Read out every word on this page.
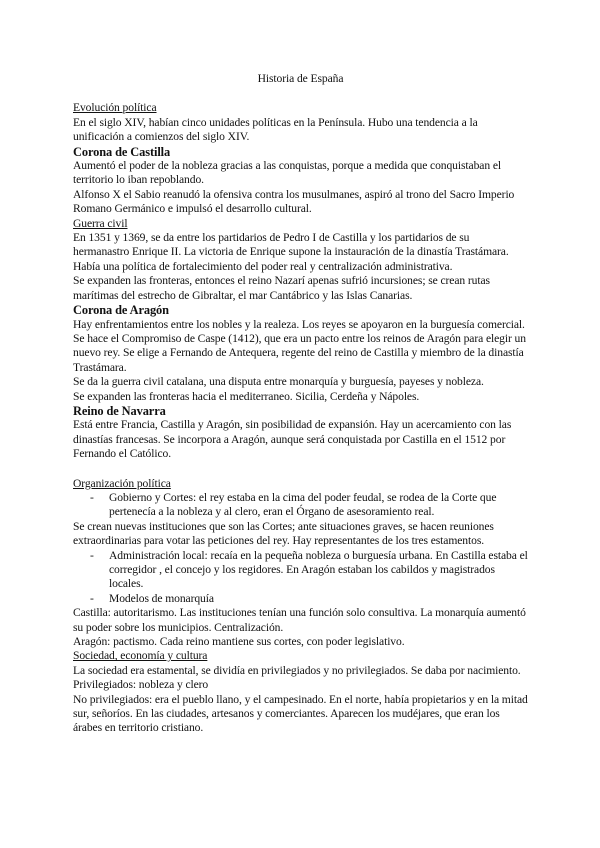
Historia de España

Evolución política

En el siglo XIV, habían cinco unidades políticas en la Península. Hubo una tendencia a la unificación a comienzos del siglo XIV.

Corona de Castilla

Aumentó el poder de la nobleza gracias a las conquistas, porque a medida que conquistaban el territorio lo iban repoblando.

Alfonso X el Sabio reanudó la ofensiva contra los musulmanes, aspiró al trono del Sacro Imperio Romano Germánico e impulsó el desarrollo cultural.

Guerra civil

En 1351 y 1369, se da entre los partidarios de Pedro I de Castilla y los partidarios de su hermanastro Enrique II. La victoria de Enrique supone la instauración de la dinastía Trastámara. Había una política de fortalecimiento del poder real y centralización administrativa.

Se expanden las fronteras, entonces el reino Nazarí apenas sufrió incursiones; se crean rutas marítimas del estrecho de Gibraltar, el mar Cantábrico y las Islas Canarias.

Corona de Aragón

Hay enfrentamientos entre los nobles y la realeza. Los reyes se apoyaron en la burguesía comercial. Se hace el Compromiso de Caspe (1412), que era un pacto entre los reinos de Aragón para elegir un nuevo rey. Se elige a Fernando de Antequera, regente del reino de Castilla y miembro de la dinastía Trastámara.

Se da la guerra civil catalana, una disputa entre monarquía y burguesía, payeses y nobleza.

Se expanden las fronteras hacia el mediterraneo. Sicilia, Cerdeña y Nápoles.

Reino de Navarra

Está entre Francia, Castilla y Aragón, sin posibilidad de expansión. Hay un acercamiento con las dinastías francesas. Se incorpora a Aragón, aunque será conquistada por Castilla en el 1512 por Fernando el Católico.

Organización política

- Gobierno y Cortes: el rey estaba en la cima del poder feudal, se rodea de la Corte que pertenecía a la nobleza y al clero, eran el Órgano de asesoramiento real.

Se crean nuevas instituciones que son las Cortes; ante situaciones graves, se hacen reuniones extraordinarias para votar las peticiones del rey. Hay representantes de los tres estamentos.

- Administración local: recaía en la pequeña nobleza o burguesía urbana. En Castilla estaba el corregidor , el concejo y los regidores. En Aragón estaban los cabildos y magistrados locales.
- Modelos de monarquía

Castilla: autoritarismo. Las instituciones tenían una función solo consultiva. La monarquía aumentó su poder sobre los municipios. Centralización.

Aragón: pactismo. Cada reino mantiene sus cortes, con poder legislativo.

Sociedad, economía y cultura

La sociedad era estamental, se dividía en privilegiados y no privilegiados. Se daba por nacimiento.

Privilegiados: nobleza y clero

No privilegiados: era el pueblo llano, y el campesinado. En el norte, había propietarios y en la mitad sur, señoríos. En las ciudades, artesanos y comerciantes. Aparecen los mudéjares, que eran los árabes en territorio cristiano.
